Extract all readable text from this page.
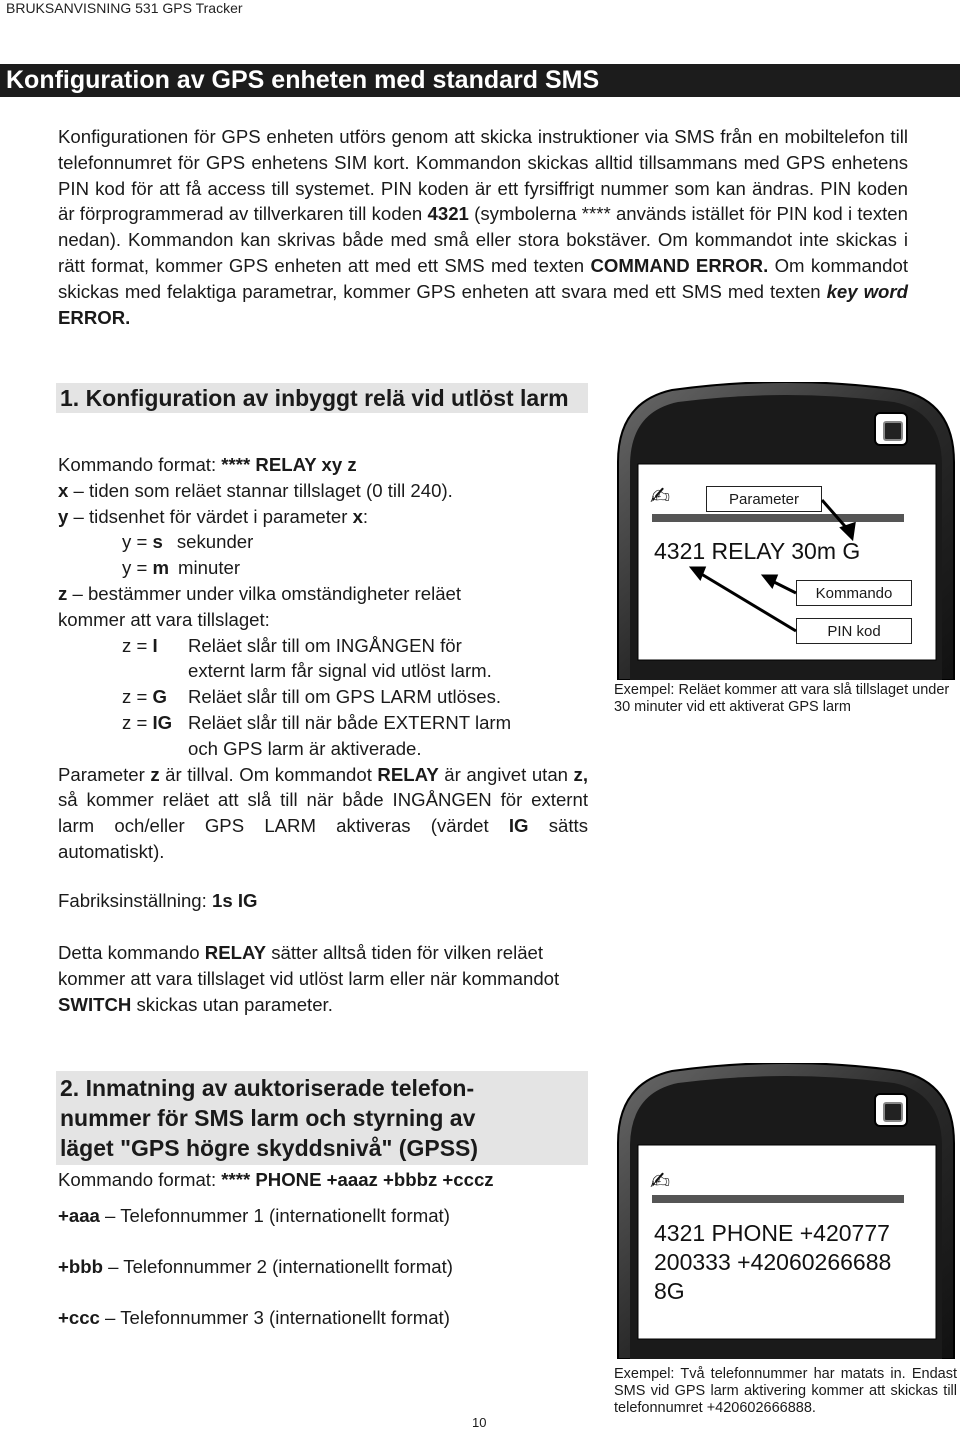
BRUKSANVISNING 531 GPS Tracker
Konfiguration av GPS enheten med standard SMS

Konfigurationen för GPS enheten utförs genom att skicka instruktioner via SMS från en mobiltelefon till telefonnumret för GPS enhetens SIM kort. Kommandon skickas alltid tillsammans med GPS enhetens PIN kod för att få access till systemet. PIN koden är ett fyrsiffrigt nummer som kan ändras. PIN koden är förprogrammerad av tillverkaren till koden 4321 (symbolerna **** används istället för PIN kod i texten nedan). Kommandon kan skrivas både med små eller stora bokstäver. Om kommandot inte skickas i rätt format, kommer GPS enheten att med ett SMS med texten COMMAND ERROR. Om kommandot skickas med felaktiga parametrar, kommer GPS enheten att svara med ett SMS med texten key word ERROR.

1. Konfiguration av inbyggt relä vid utlöst larm
Kommando format: **** RELAY xy z
x – tiden som reläet stannar tillslaget (0 till 240).
y – tidsenhet för värdet i parameter x:
y = s sekunder
y = m minuter
z – bestämmer under vilka omständigheter reläet
kommer att vara tillslaget:
z = I Reläet slår till om INGÅNGEN för
externt larm får signal vid utlöst larm.
z = G Reläet slår till om GPS LARM utlöses.
z = IG Reläet slår till när både EXTERNT larm
och GPS larm är aktiverade.
Parameter z är tillval. Om kommandot RELAY är angivet utan z, så kommer reläet att slå till när både INGÅNGEN för externt larm och/eller GPS LARM aktiveras (värdet IG sätts automatiskt).
Fabriksinställning: 1s IG
Detta kommando RELAY sätter alltså tiden för vilken reläet kommer att vara tillslaget vid utlöst larm eller när kommandot SWITCH skickas utan parameter.
✍	Parameter
4321 RELAY 30m G
Kommando
PIN kod
Exempel: Reläet kommer att vara slå tillslaget under 30 minuter vid ett aktiverat GPS larm
2. Inmatning av auktoriserade telefon-
nummer för SMS larm och styrning av
läget "GPS högre skyddsnivå" (GPSS)
Kommando format: **** PHONE +aaaz +bbbz +cccz
+aaa – Telefonnummer 1 (internationellt format)
+bbb – Telefonnummer 2 (internationellt format)
+ccc – Telefonnummer 3 (internationellt format)
✍
4321 PHONE +420777
200333 +42060266688
8G
Exempel: Två telefonnummer har matats in. Endast SMS vid GPS larm aktivering kommer att skickas till telefonnumret +420602666888.
10
